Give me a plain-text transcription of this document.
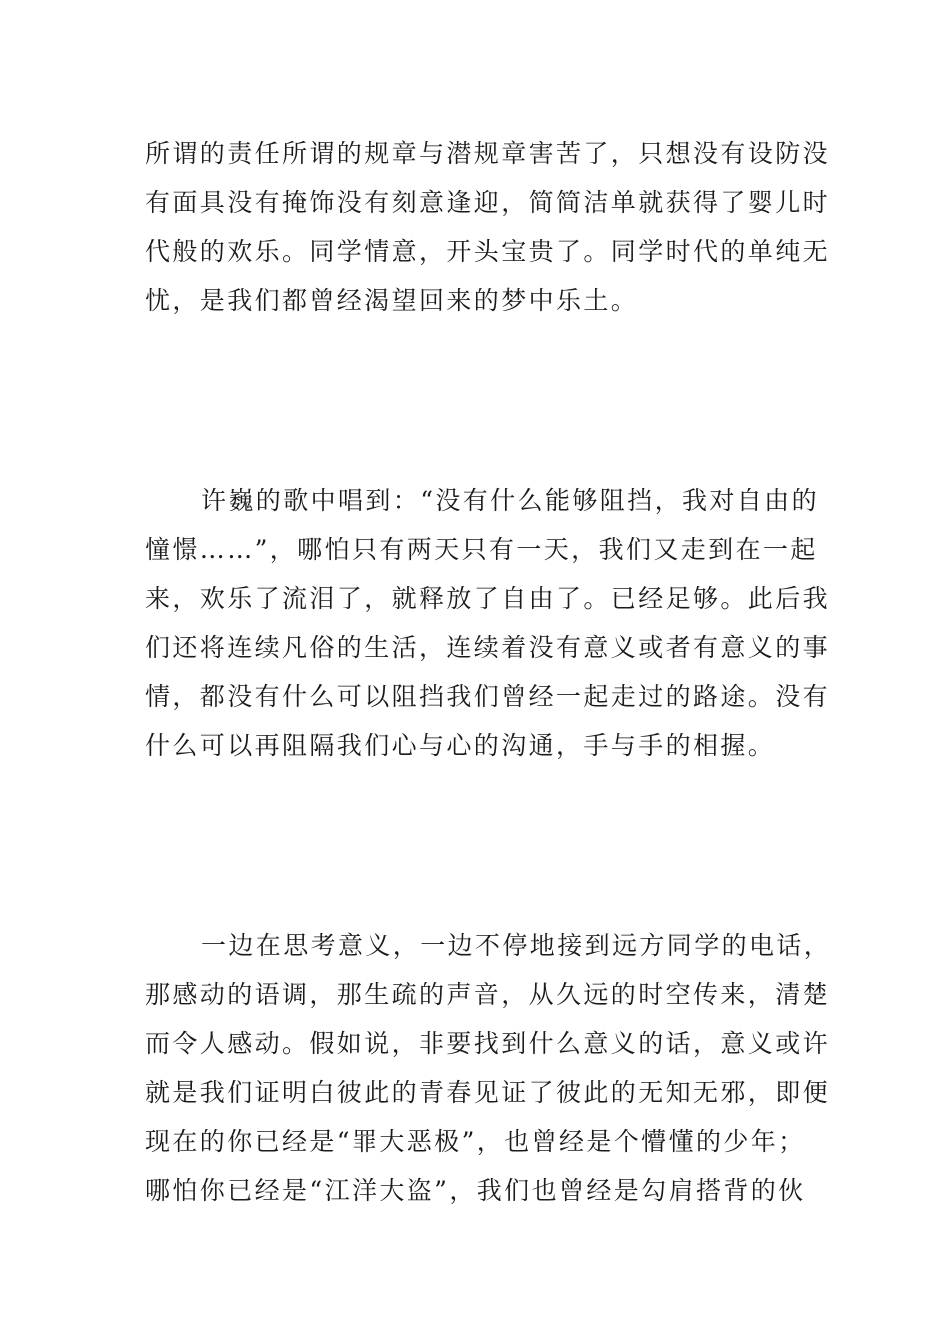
所谓的责任所谓的规章与潜规章害苦了，只想没有设防没
有面具没有掩饰没有刻意逢迎，简简洁单就获得了婴儿时
代般的欢乐。同学情意，开头宝贵了。同学时代的单纯无
忧，是我们都曾经渴望回来的梦中乐土。
许巍的歌中唱到：“没有什么能够阻挡，我对自由的
憧憬……”，哪怕只有两天只有一天，我们又走到在一起
来，欢乐了流泪了，就释放了自由了。已经足够。此后我
们还将连续凡俗的生活，连续着没有意义或者有意义的事
情，都没有什么可以阻挡我们曾经一起走过的路途。没有
什么可以再阻隔我们心与心的沟通，手与手的相握。
一边在思考意义，一边不停地接到远方同学的电话，
那感动的语调，那生疏的声音，从久远的时空传来，清楚
而令人感动。假如说，非要找到什么意义的话，意义或许
就是我们证明白彼此的青春见证了彼此的无知无邪，即便
现在的你已经是“罪大恶极”，也曾经是个懵懂的少年；
哪怕你已经是“江洋大盗”，我们也曾经是勾肩搭背的伙
